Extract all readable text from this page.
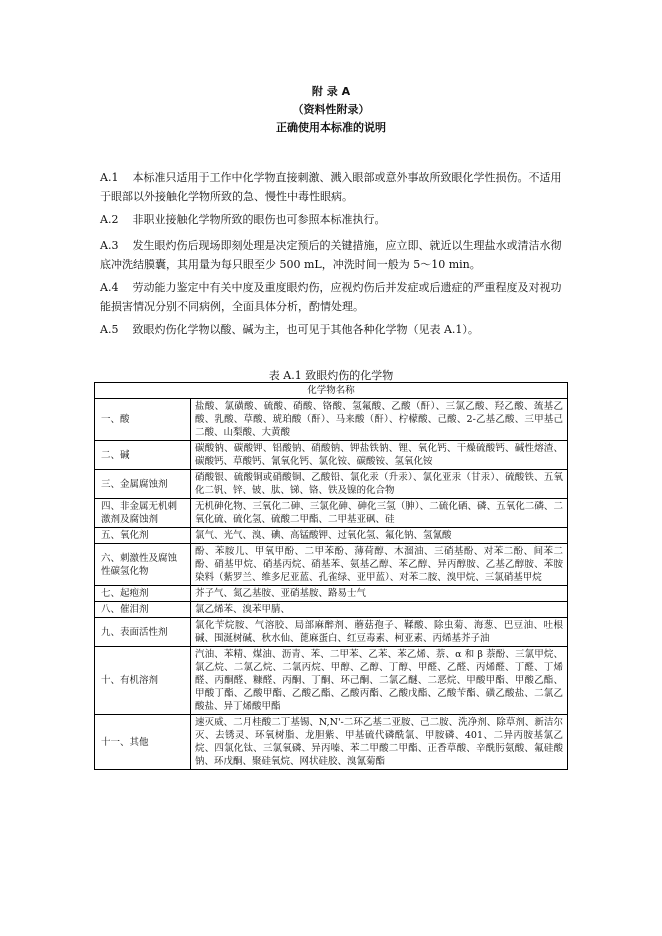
附 录 A
（资料性附录）
正确使用本标准的说明
A.1 本标准只适用于工作中化学物直接刺激、溅入眼部或意外事故所致眼化学性损伤。不适用于眼部以外接触化学物所致的急、慢性中毒性眼病。
A.2 非职业接触化学物所致的眼伤也可参照本标准执行。
A.3 发生眼灼伤后现场即刻处理是决定预后的关键措施，应立即、就近以生理盐水或清洁水彻底冲洗结膜囊，其用量为每只眼至少 500 mL，冲洗时间一般为 5～10 min。
A.4 劳动能力鉴定中有关中度及重度眼灼伤，应视灼伤后并发症或后遗症的严重程度及对视功能损害情况分别不同病例，全面具体分析，酌情处理。
A.5 致眼灼伤化学物以酸、碱为主，也可见于其他各种化学物（见表 A.1）。
表 A.1 致眼灼伤的化学物
化学物名称	
一、酸	盐酸、氯磺酸、硫酸、硝酸、铬酸、氢氟酸、乙酸（酐）、三氯乙酸、羟乙酸、巯基乙酸、乳酸、草酸、琥珀酸（酐）、马来酸（酐）、柠檬酸、己酸、2-乙基乙酸、三甲基己二酸、山梨酸、大黄酸
二、碱	碳酸钠、碳酸钾、铝酸钠、硝酸钠、钾盐铁钠、锂、氧化钙、干燥硫酸钙、碱性熔渣、碳酸钙、草酸钙、氰氧化钙、氯化铵、碳酸铵、氢氧化铵
三、金属腐蚀剂	硝酸银、硫酸铜或硝酸铜、乙酸铅、氯化汞（升汞）、氯化亚汞（甘汞）、硫酸铁、五氧化二钒、锌、铍、肽、锑、铬、铁及镍的化合物
四、非金属无机刺激剂及腐蚀剂	无机砷化物、三氧化二砷、三氯化砷、砷化三氢（胂）、二硫化硒、磷、五氧化二磷、二氧化硫、硫化氢、硫酸二甲酯、二甲基亚砜、硅
五、氧化剂	氯气、光气、溴、碘、高锰酸钾、过氧化氢、氟化钠、氢氰酸
六、刺激性及腐蚀性碳氢化物	酚、苯胺儿、甲氧甲酚、二甲苯酚、薄荷醇、木溜油、三硝基酚、对苯二酚、间苯二酚、硝基甲烷、硝基丙烷、硝基苯、氨基乙醇、苯乙醇、异丙醇胺、乙基乙醇胺、苯胺染料（紫罗兰、维多尼亚蓝、孔雀绿、亚甲蓝）、对苯二胺、溴甲烷、三氯硝基甲烷
七、起疱剂	芥子气、氮乙基胺、亚硝基胺、路易士气
八、催泪剂	氯乙烯苯、溴苯甲腈、
九、表面活性剂	氯化苄烷胺、气溶胶、局部麻醉剂、蘑菇孢子、鞣酸、除虫菊、海葱、巴豆油、吐根碱、围涎树碱、秋水仙、蓖麻蛋白、红豆毒素、柯亚素、丙烯基芥子油
十、有机溶剂	汽油、苯精、煤油、沥青、苯、二甲苯、乙苯、苯乙烯、萘、α 和 β 萘酚、三氯甲烷、氯乙烷、二氯乙烷、二氯丙烷、甲醇、乙醇、丁醇、甲醛、乙醛、丙烯醛、丁醛、丁烯醛、丙酮醛、糠醛、丙酮、丁酮、环己酮、二氯乙醚、二恶烷、甲酸甲酯、甲酸乙酯、甲酸丁酯、乙酸甲酯、乙酸乙酯、乙酸丙酯、乙酸戊酯、乙酸苄酯、磺乙酸盐、二氯乙酸盐、异丁烯酸甲酯
十一、其他	速灭威、二月桂酸二丁基锡、N,N'-二环乙基二亚胺、己二胺、洗净剂、除草剂、新洁尔灭、去锈灵、环氧树脂、龙胆紫、甲基硫代磷酰氯、甲胺磷、401、二异丙胺基氯乙烷、四氯化钛、三氯氧磷、异丙嗪、苯二甲酸二甲酯、正香草酸、辛酰肟氨酸、氟硅酸钠、环戊酮、聚硅氧烷、网状硅胶、溴氰菊酯
